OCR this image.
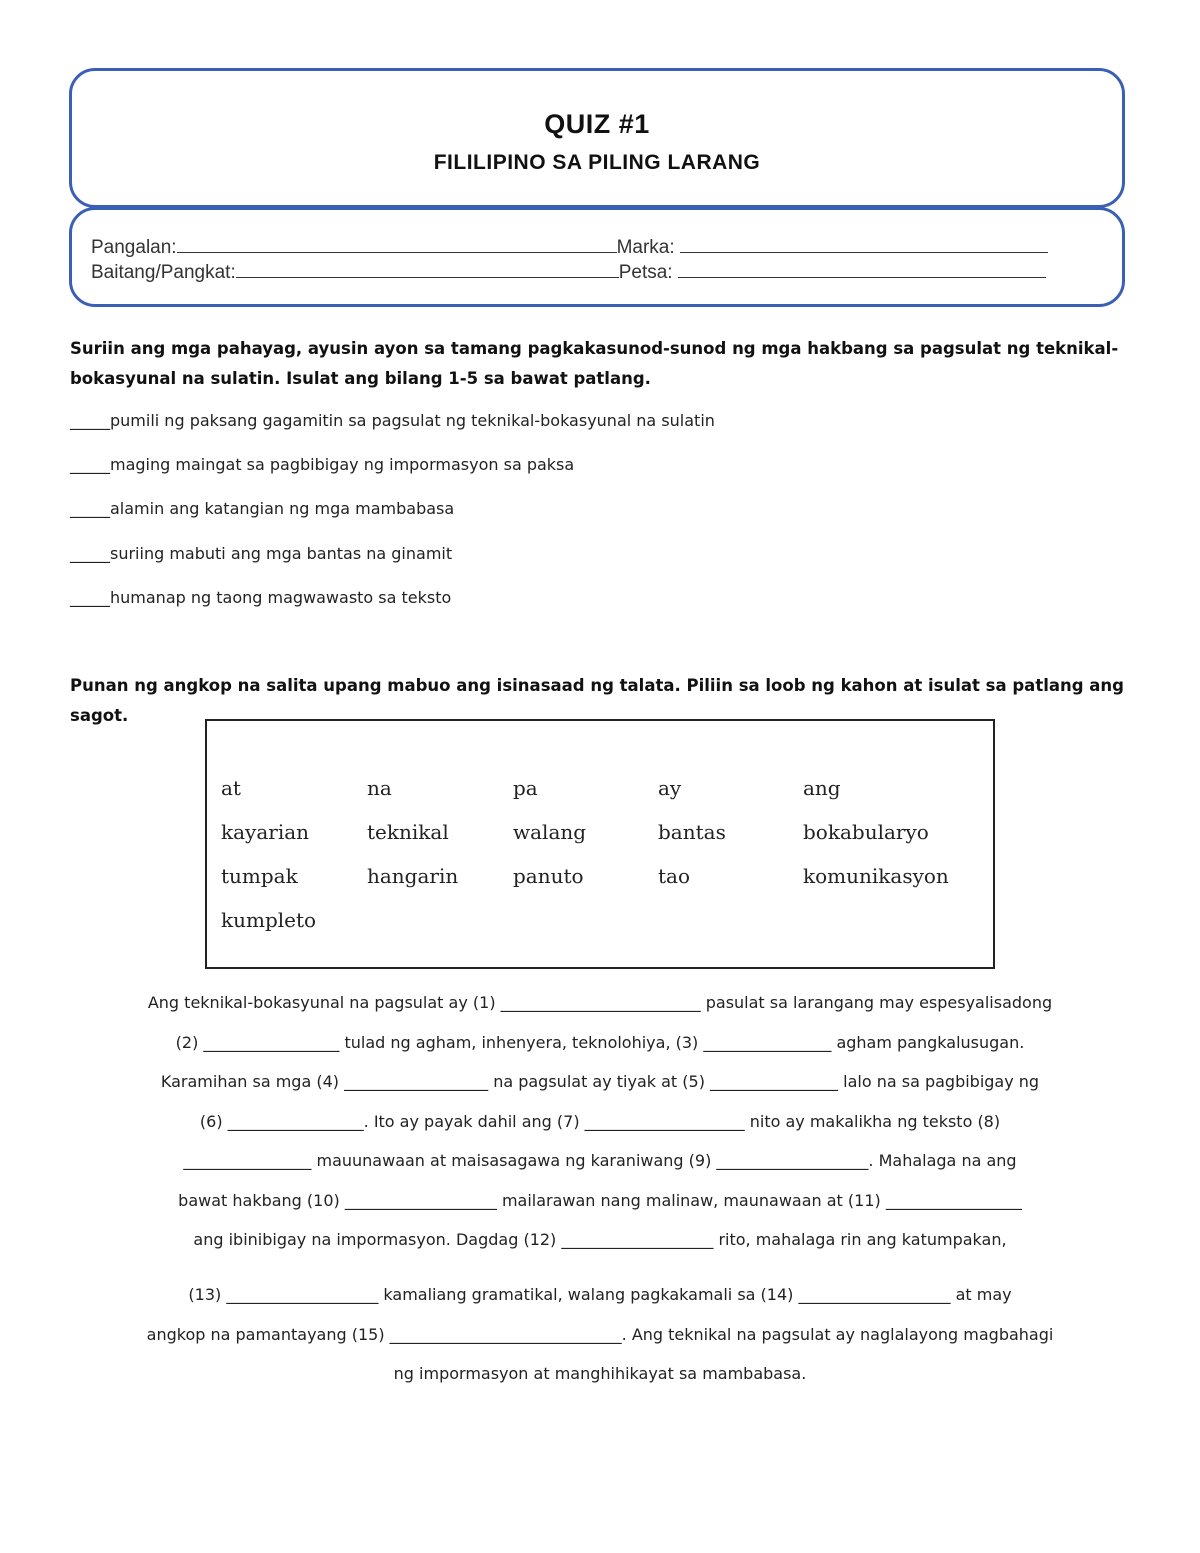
QUIZ #1
FILILIPINO SA PILING LARANG
Pangalan:	Marka:
Baitang/Pangkat:	Petsa:
Suriin ang mga pahayag, ayusin ayon sa tamang pagkakasunod-sunod ng mga hakbang sa pagsulat ng teknikal-bokasyunal na sulatin. Isulat ang bilang 1-5 sa bawat patlang.
_____pumili ng paksang gagamitin sa pagsulat ng teknikal-bokasyunal na sulatin
_____maging maingat sa pagbibigay ng impormasyon sa paksa
_____alamin ang katangian ng mga mambabasa
_____suriing mabuti ang mga bantas na ginamit
_____humanap ng taong magwawasto sa teksto
Punan ng angkop na salita upang mabuo ang isinasaad ng talata. Piliin sa loob ng kahon at isulat sa patlang ang sagot.
at	na	pa	ay	ang
kayarian	teknikal	walang	bantas	bokabularyo
tumpak	hangarin	panuto	tao	komunikasyon
kumpleto
Ang teknikal-bokasyunal na pagsulat ay (1) _________________________ pasulat sa larangang may espesyalisadong
(2) _________________ tulad ng agham, inhenyera, teknolohiya, (3) ________________ agham pangkalusugan.
Karamihan sa mga (4) __________________ na pagsulat ay tiyak at (5) ________________ lalo na sa pagbibigay ng
(6) _________________. Ito ay payak dahil ang (7) ____________________ nito ay makalikha ng teksto (8)
________________ mauunawaan at maisasagawa ng karaniwang (9) ___________________. Mahalaga na ang
bawat hakbang (10) ___________________ mailarawan nang malinaw, maunawaan at (11) _________________
ang ibinibigay na impormasyon. Dagdag (12) ___________________ rito, mahalaga rin ang katumpakan,
(13) ___________________ kamaliang gramatikal, walang pagkakamali sa (14) ___________________ at may
angkop na pamantayang (15) _____________________________. Ang teknikal na pagsulat ay naglalayong magbahagi
ng impormasyon at manghihikayat sa mambabasa.
